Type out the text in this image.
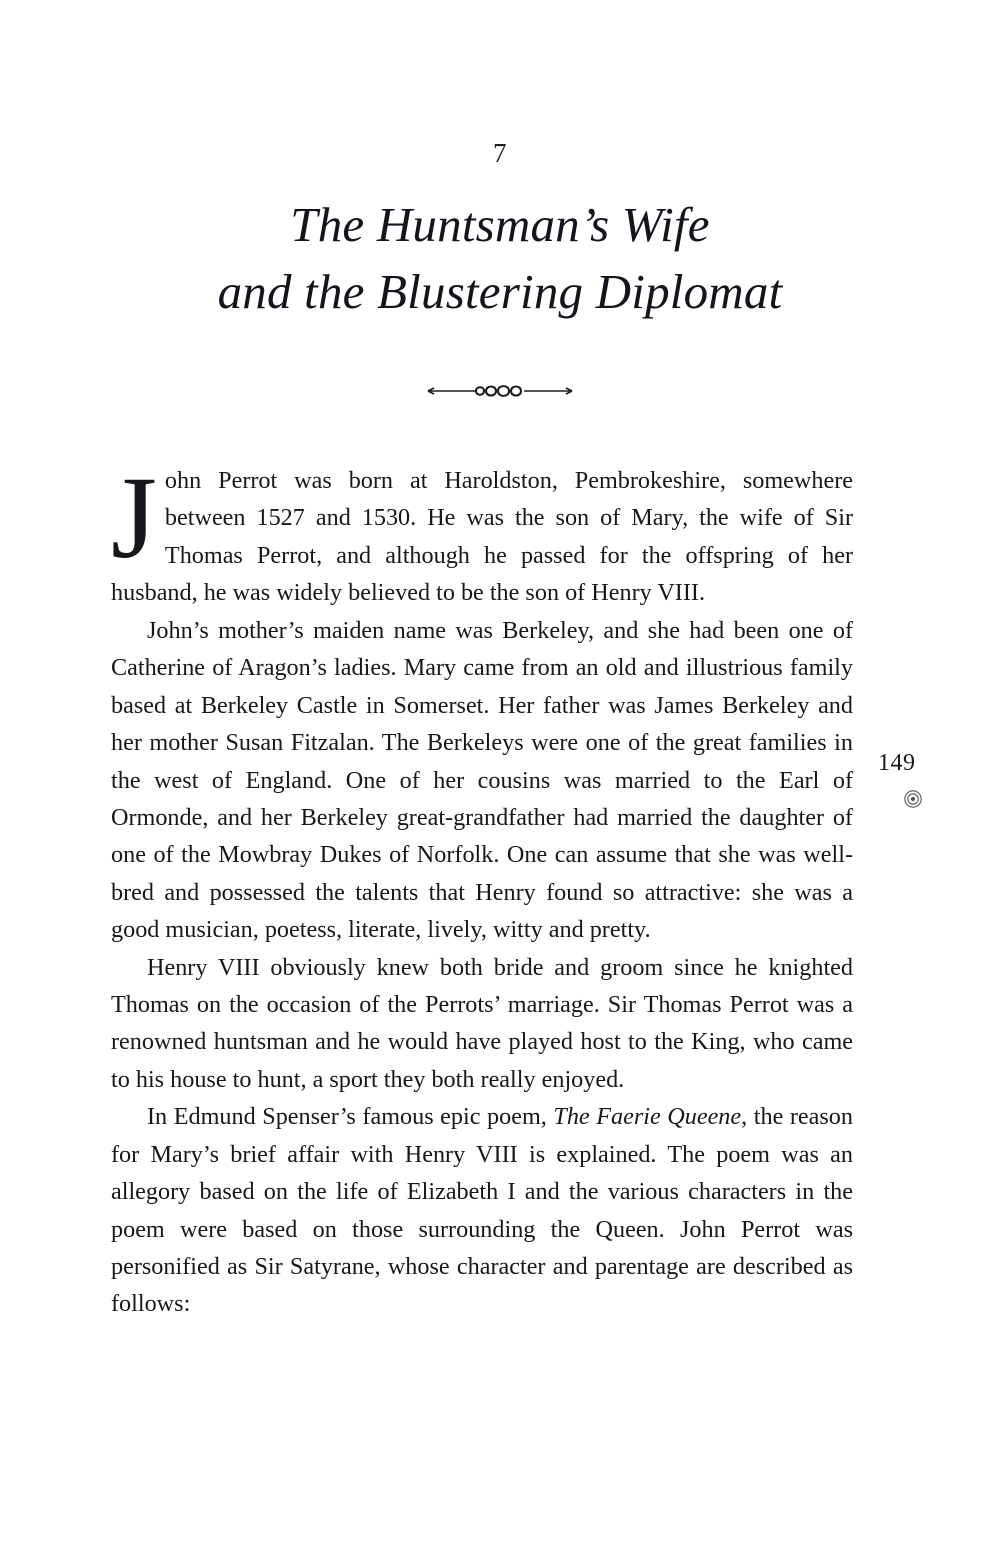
7
The Huntsman’s Wife
and the Blustering Diplomat
149

John Perrot was born at Haroldston, Pembrokeshire, somewhere between 1527 and 1530. He was the son of Mary, the wife of Sir Thomas Perrot, and although he passed for the offspring of her husband, he was widely believed to be the son of Henry VIII.

John’s mother’s maiden name was Berkeley, and she had been one of Catherine of Aragon’s ladies. Mary came from an old and illustrious family based at Berkeley Castle in Somerset. Her father was James Berkeley and her mother Susan Fitzalan. The Berkeleys were one of the great families in the west of England. One of her cousins was married to the Earl of Ormonde, and her Berkeley great-grandfather had married the daughter of one of the Mowbray Dukes of Norfolk. One can assume that she was well-bred and possessed the talents that Henry found so attractive: she was a good musician, poetess, literate, lively, witty and pretty.

Henry VIII obviously knew both bride and groom since he knighted Thomas on the occasion of the Perrots’ marriage. Sir Thomas Perrot was a renowned huntsman and he would have played host to the King, who came to his house to hunt, a sport they both really enjoyed.

In Edmund Spenser’s famous epic poem, The Faerie Queene, the reason for Mary’s brief affair with Henry VIII is explained. The poem was an allegory based on the life of Elizabeth I and the various characters in the poem were based on those surrounding the Queen. John Perrot was personified as Sir Satyrane, whose character and parentage are described as follows:
